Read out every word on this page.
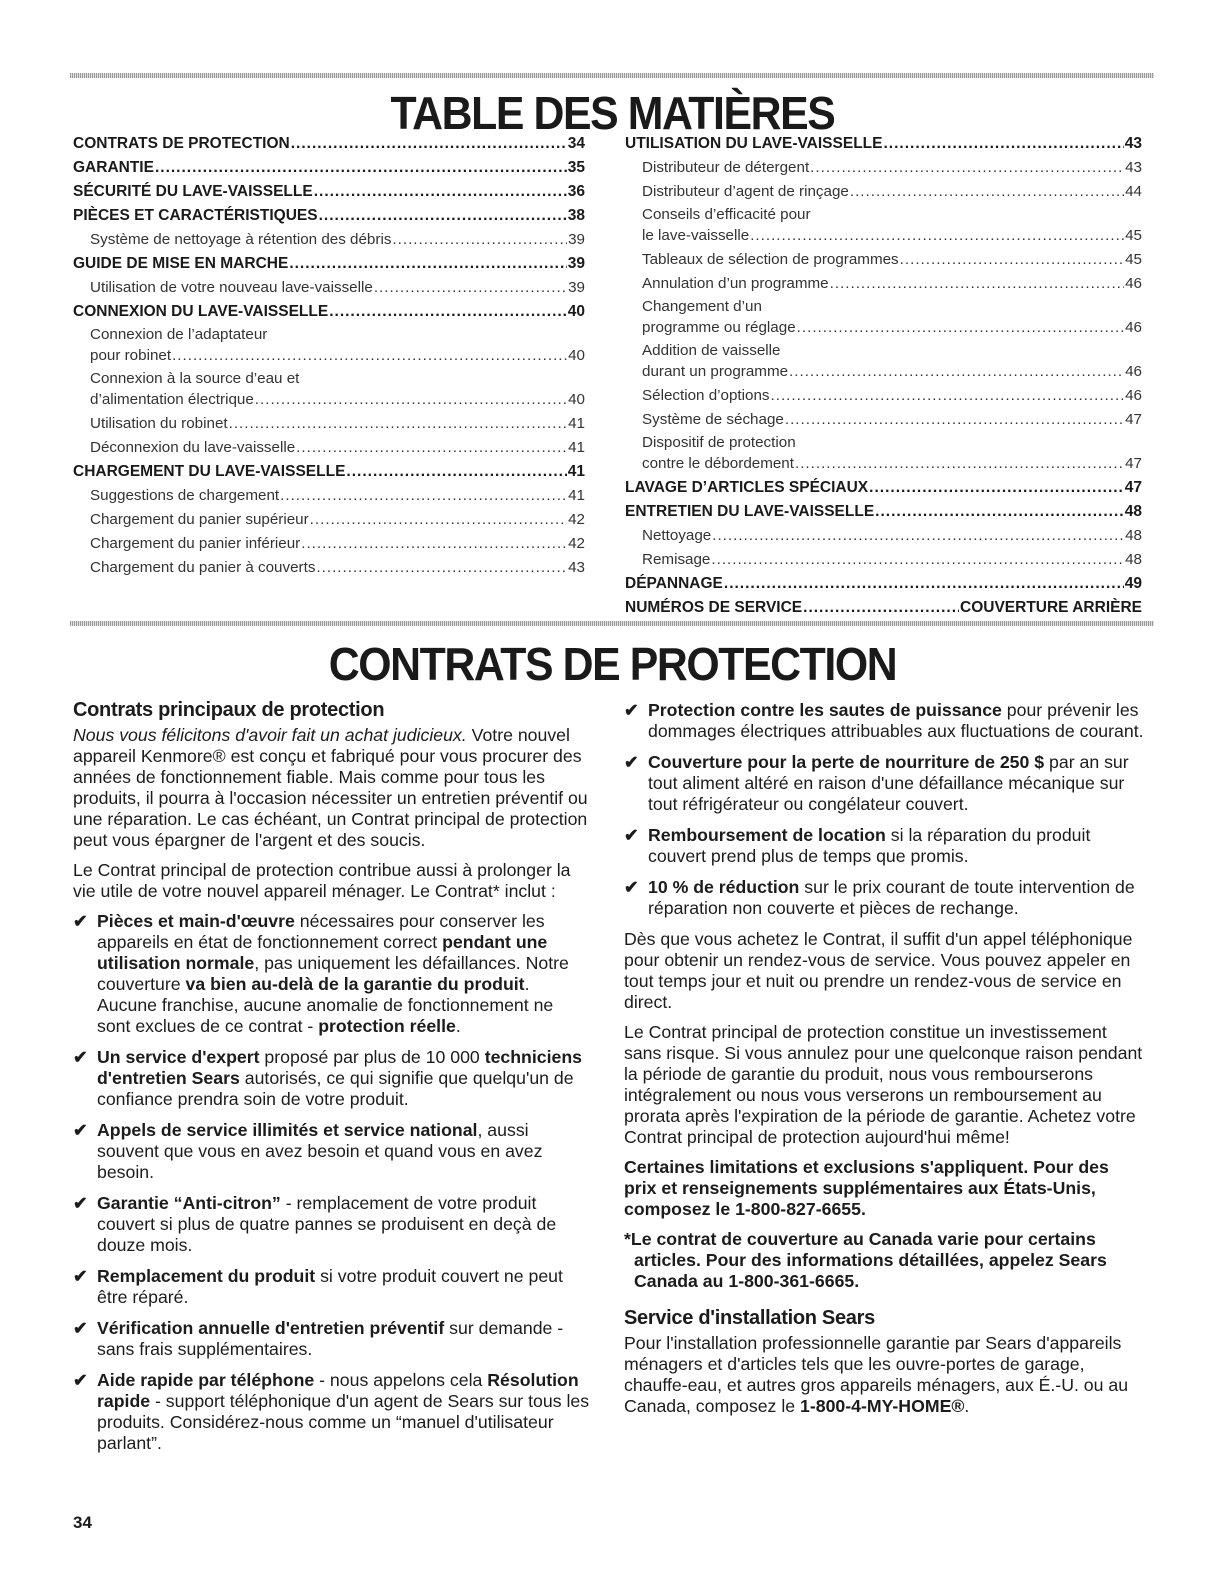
TABLE DES MATIÈRES
CONTRATS DE PROTECTION .....	34
GARANTIE .....	35
SÉCURITÉ DU LAVE-VAISSELLE .....	36
PIÈCES ET CARACTÉRISTIQUES .....	38
Système de nettoyage à rétention des débris .....	39
GUIDE DE MISE EN MARCHE .....	39
Utilisation de votre nouveau lave-vaisselle .....	39
CONNEXION DU LAVE-VAISSELLE .....	40
Connexion de l’adaptateur
pour robinet .....	40
Connexion à la source d’eau et
d’alimentation électrique .....	40
Utilisation du robinet .....	41
Déconnexion du lave-vaisselle .....	41
CHARGEMENT DU LAVE-VAISSELLE .....	41
Suggestions de chargement .....	41
Chargement du panier supérieur .....	42
Chargement du panier inférieur .....	42
Chargement du panier à couverts .....	43
UTILISATION DU LAVE-VAISSELLE .....	43
Distributeur de détergent .....	43
Distributeur d’agent de rinçage .....	44
Conseils d’efficacité pour
le lave-vaisselle .....	45
Tableaux de sélection de programmes .....	45
Annulation d’un programme .....	46
Changement d’un
programme ou réglage .....	46
Addition de vaisselle
durant un programme .....	46
Sélection d’options .....	46
Système de séchage .....	47
Dispositif de protection
contre le débordement .....	47
LAVAGE D’ARTICLES SPÉCIAUX .....	47
ENTRETIEN DU LAVE-VAISSELLE .....	48
Nettoyage .....	48
Remisage .....	48
DÉPANNAGE .....	49
NUMÉROS DE SERVICE .....	COUVERTURE ARRIÈRE
CONTRATS DE PROTECTION
Contrats principaux de protection

Nous vous félicitons d'avoir fait un achat judicieux. Votre nouvel appareil Kenmore® est conçu et fabriqué pour vous procurer des années de fonctionnement fiable. Mais comme pour tous les produits, il pourra à l'occasion nécessiter un entretien préventif ou une réparation. Le cas échéant, un Contrat principal de protection peut vous épargner de l'argent et des soucis.

Le Contrat principal de protection contribue aussi à prolonger la vie utile de votre nouvel appareil ménager. Le Contrat* inclut :

✔ Pièces et main-d'œuvre nécessaires pour conserver les appareils en état de fonctionnement correct pendant une utilisation normale, pas uniquement les défaillances. Notre couverture va bien au-delà de la garantie du produit. Aucune franchise, aucune anomalie de fonctionnement ne sont exclues de ce contrat - protection réelle.
✔ Un service d'expert proposé par plus de 10 000 techniciens d'entretien Sears autorisés, ce qui signifie que quelqu'un de confiance prendra soin de votre produit.
✔ Appels de service illimités et service national, aussi souvent que vous en avez besoin et quand vous en avez besoin.
✔ Garantie “Anti-citron” - remplacement de votre produit couvert si plus de quatre pannes se produisent en deçà de douze mois.
✔ Remplacement du produit si votre produit couvert ne peut être réparé.
✔ Vérification annuelle d'entretien préventif sur demande - sans frais supplémentaires.
✔ Aide rapide par téléphone - nous appelons cela Résolution rapide - support téléphonique d'un agent de Sears sur tous les produits. Considérez-nous comme un “manuel d'utilisateur parlant”.
✔ Protection contre les sautes de puissance pour prévenir les dommages électriques attribuables aux fluctuations de courant.
✔ Couverture pour la perte de nourriture de 250 $ par an sur tout aliment altéré en raison d'une défaillance mécanique sur tout réfrigérateur ou congélateur couvert.
✔ Remboursement de location si la réparation du produit couvert prend plus de temps que promis.
✔ 10 % de réduction sur le prix courant de toute intervention de réparation non couverte et pièces de rechange.

Dès que vous achetez le Contrat, il suffit d'un appel téléphonique pour obtenir un rendez-vous de service. Vous pouvez appeler en tout temps jour et nuit ou prendre un rendez-vous de service en direct.

Le Contrat principal de protection constitue un investissement sans risque. Si vous annulez pour une quelconque raison pendant la période de garantie du produit, nous vous rembourserons intégralement ou nous vous verserons un remboursement au prorata après l'expiration de la période de garantie. Achetez votre Contrat principal de protection aujourd'hui même!

Certaines limitations et exclusions s'appliquent. Pour des prix et renseignements supplémentaires aux États-Unis, composez le 1-800-827-6655.

*Le contrat de couverture au Canada varie pour certains articles. Pour des informations détaillées, appelez Sears Canada au 1-800-361-6665.

Service d'installation Sears

Pour l'installation professionnelle garantie par Sears d'appareils ménagers et d'articles tels que les ouvre-portes de garage, chauffe-eau, et autres gros appareils ménagers, aux É.-U. ou au Canada, composez le 1-800-4-MY-HOME®.

34
